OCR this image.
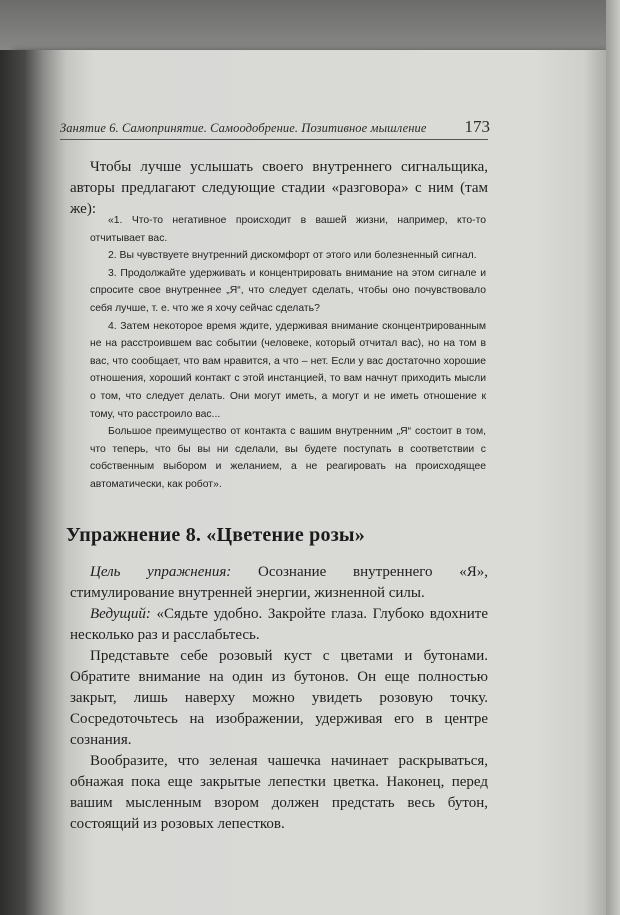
Занятие 6. Самопринятие. Самоодобрение. Позитивное мышление 173

Чтобы лучше услышать своего внутреннего сигнальщика, авторы предлагают следующие стадии «разговора» с ним (там же):

«1. Что-то негативное происходит в вашей жизни, например, кто-то отчитывает вас.

2. Вы чувствуете внутренний дискомфорт от этого или болезненный сигнал.

3. Продолжайте удерживать и концентрировать внимание на этом сигнале и спросите свое внутреннее „Я“, что следует сделать, чтобы оно почувствовало себя лучше, т. е. что же я хочу сейчас сделать?

4. Затем некоторое время ждите, удерживая внимание сконцентрированным не на расстроившем вас событии (человеке, который отчитал вас), но на том в вас, что сообщает, что вам нравится, а что – нет. Если у вас достаточно хорошие отношения, хороший контакт с этой инстанцией, то вам начнут приходить мысли о том, что следует делать. Они могут иметь, а могут и не иметь отношение к тому, что расстроило вас...

Большое преимущество от контакта с вашим внутренним „Я“ состоит в том, что теперь, что бы вы ни сделали, вы будете поступать в соответствии с собственным выбором и желанием, а не реагировать на происходящее автоматически, как робот».

Упражнение 8. «Цветение розы»

Цель упражнения: Осознание внутреннего «Я», стимулирование внутренней энергии, жизненной силы.

Ведущий: «Сядьте удобно. Закройте глаза. Глубоко вдохните несколько раз и расслабьтесь.

Представьте себе розовый куст с цветами и бутонами. Обратите внимание на один из бутонов. Он еще полностью закрыт, лишь наверху можно увидеть розовую точку. Сосредоточьтесь на изображении, удерживая его в центре сознания.

Вообразите, что зеленая чашечка начинает раскрываться, обнажая пока еще закрытые лепестки цветка. Наконец, перед вашим мысленным взором должен предстать весь бутон, состоящий из розовых лепестков.
